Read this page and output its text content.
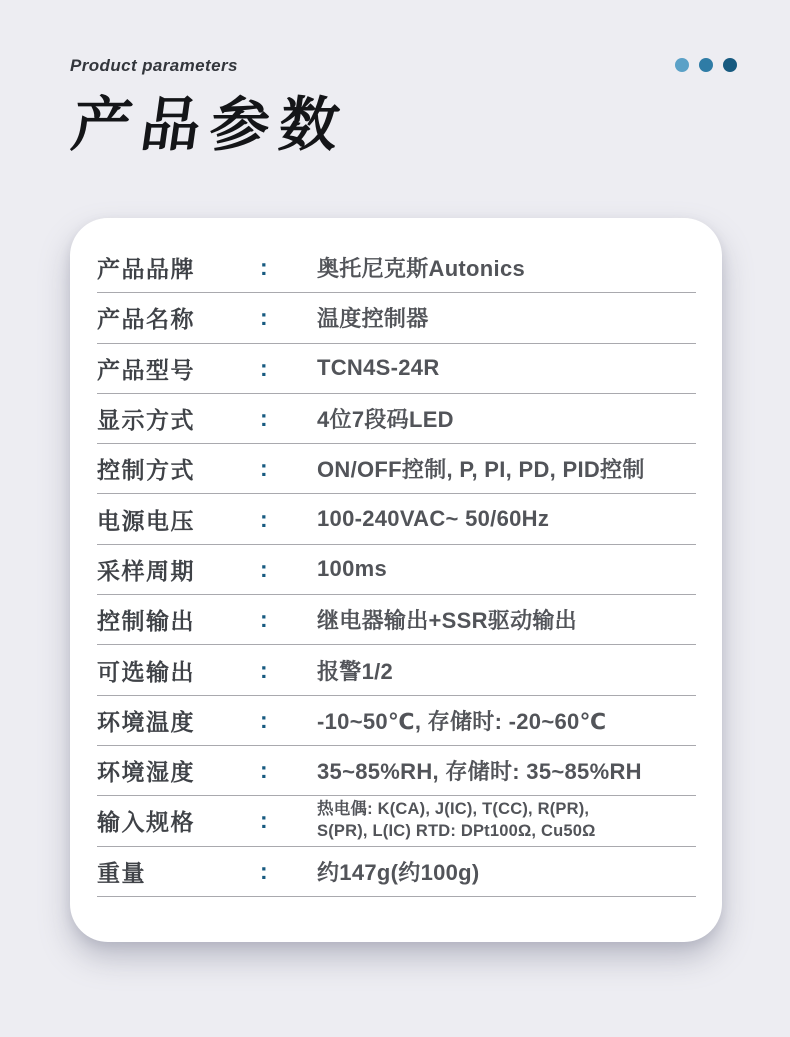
Product parameters
产品参数
产品品牌	:	奥托尼克斯Autonics
产品名称	:	温度控制器
产品型号	:	TCN4S-24R
显示方式	:	4位7段码LED
控制方式	:	ON/OFF控制, P, PI, PD, PID控制
电源电压	:	100-240VAC~ 50/60Hz
采样周期	:	100ms
控制输出	:	继电器输出+SSR驱动输出
可选输出	:	报警1/2
环境温度	:	-10~50℃, 存储时: -20~60℃
环境湿度	:	35~85%RH, 存储时: 35~85%RH
输入规格	:	热电偶: K(CA), J(IC), T(CC), R(PR),
S(PR), L(IC) RTD: DPt100Ω, Cu50Ω
重量	:	约147g(约100g)
